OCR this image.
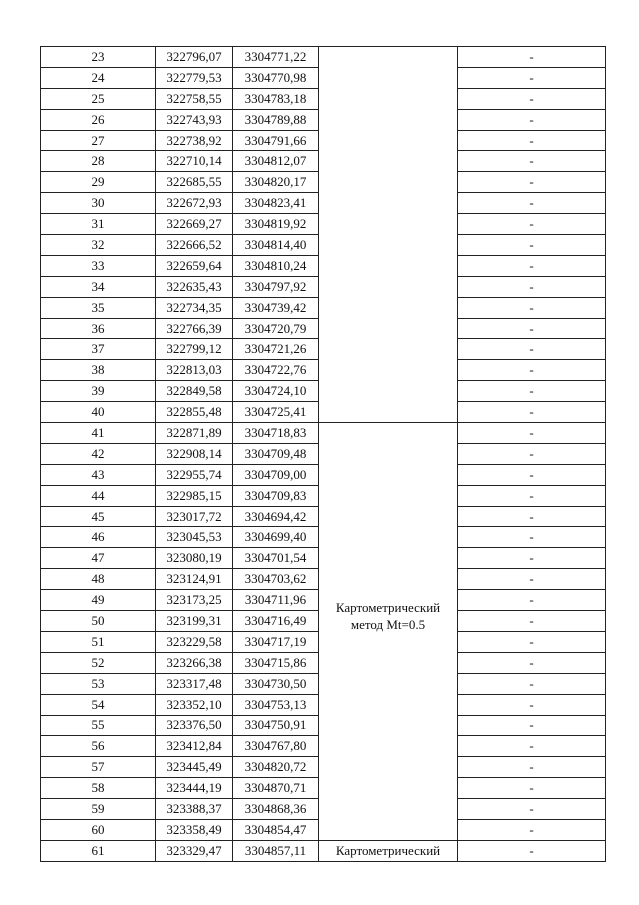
23	322796,07	3304771,22		-
24	322779,53	3304770,98		-
25	322758,55	3304783,18		-
26	322743,93	3304789,88		-
27	322738,92	3304791,66		-
28	322710,14	3304812,07		-
29	322685,55	3304820,17		-
30	322672,93	3304823,41		-
31	322669,27	3304819,92		-
32	322666,52	3304814,40		-
33	322659,64	3304810,24		-
34	322635,43	3304797,92		-
35	322734,35	3304739,42		-
36	322766,39	3304720,79		-
37	322799,12	3304721,26		-
38	322813,03	3304722,76		-
39	322849,58	3304724,10		-
40	322855,48	3304725,41		-
41	322871,89	3304718,83	Картометрический метод Mt=0.5	-
42	322908,14	3304709,48		-
43	322955,74	3304709,00		-
44	322985,15	3304709,83		-
45	323017,72	3304694,42		-
46	323045,53	3304699,40		-
47	323080,19	3304701,54		-
48	323124,91	3304703,62		-
49	323173,25	3304711,96		-
50	323199,31	3304716,49		-
51	323229,58	3304717,19		-
52	323266,38	3304715,86		-
53	323317,48	3304730,50		-
54	323352,10	3304753,13		-
55	323376,50	3304750,91		-
56	323412,84	3304767,80		-
57	323445,49	3304820,72		-
58	323444,19	3304870,71		-
59	323388,37	3304868,36		-
60	323358,49	3304854,47		-
61	323329,47	3304857,11	Картометрический	-
